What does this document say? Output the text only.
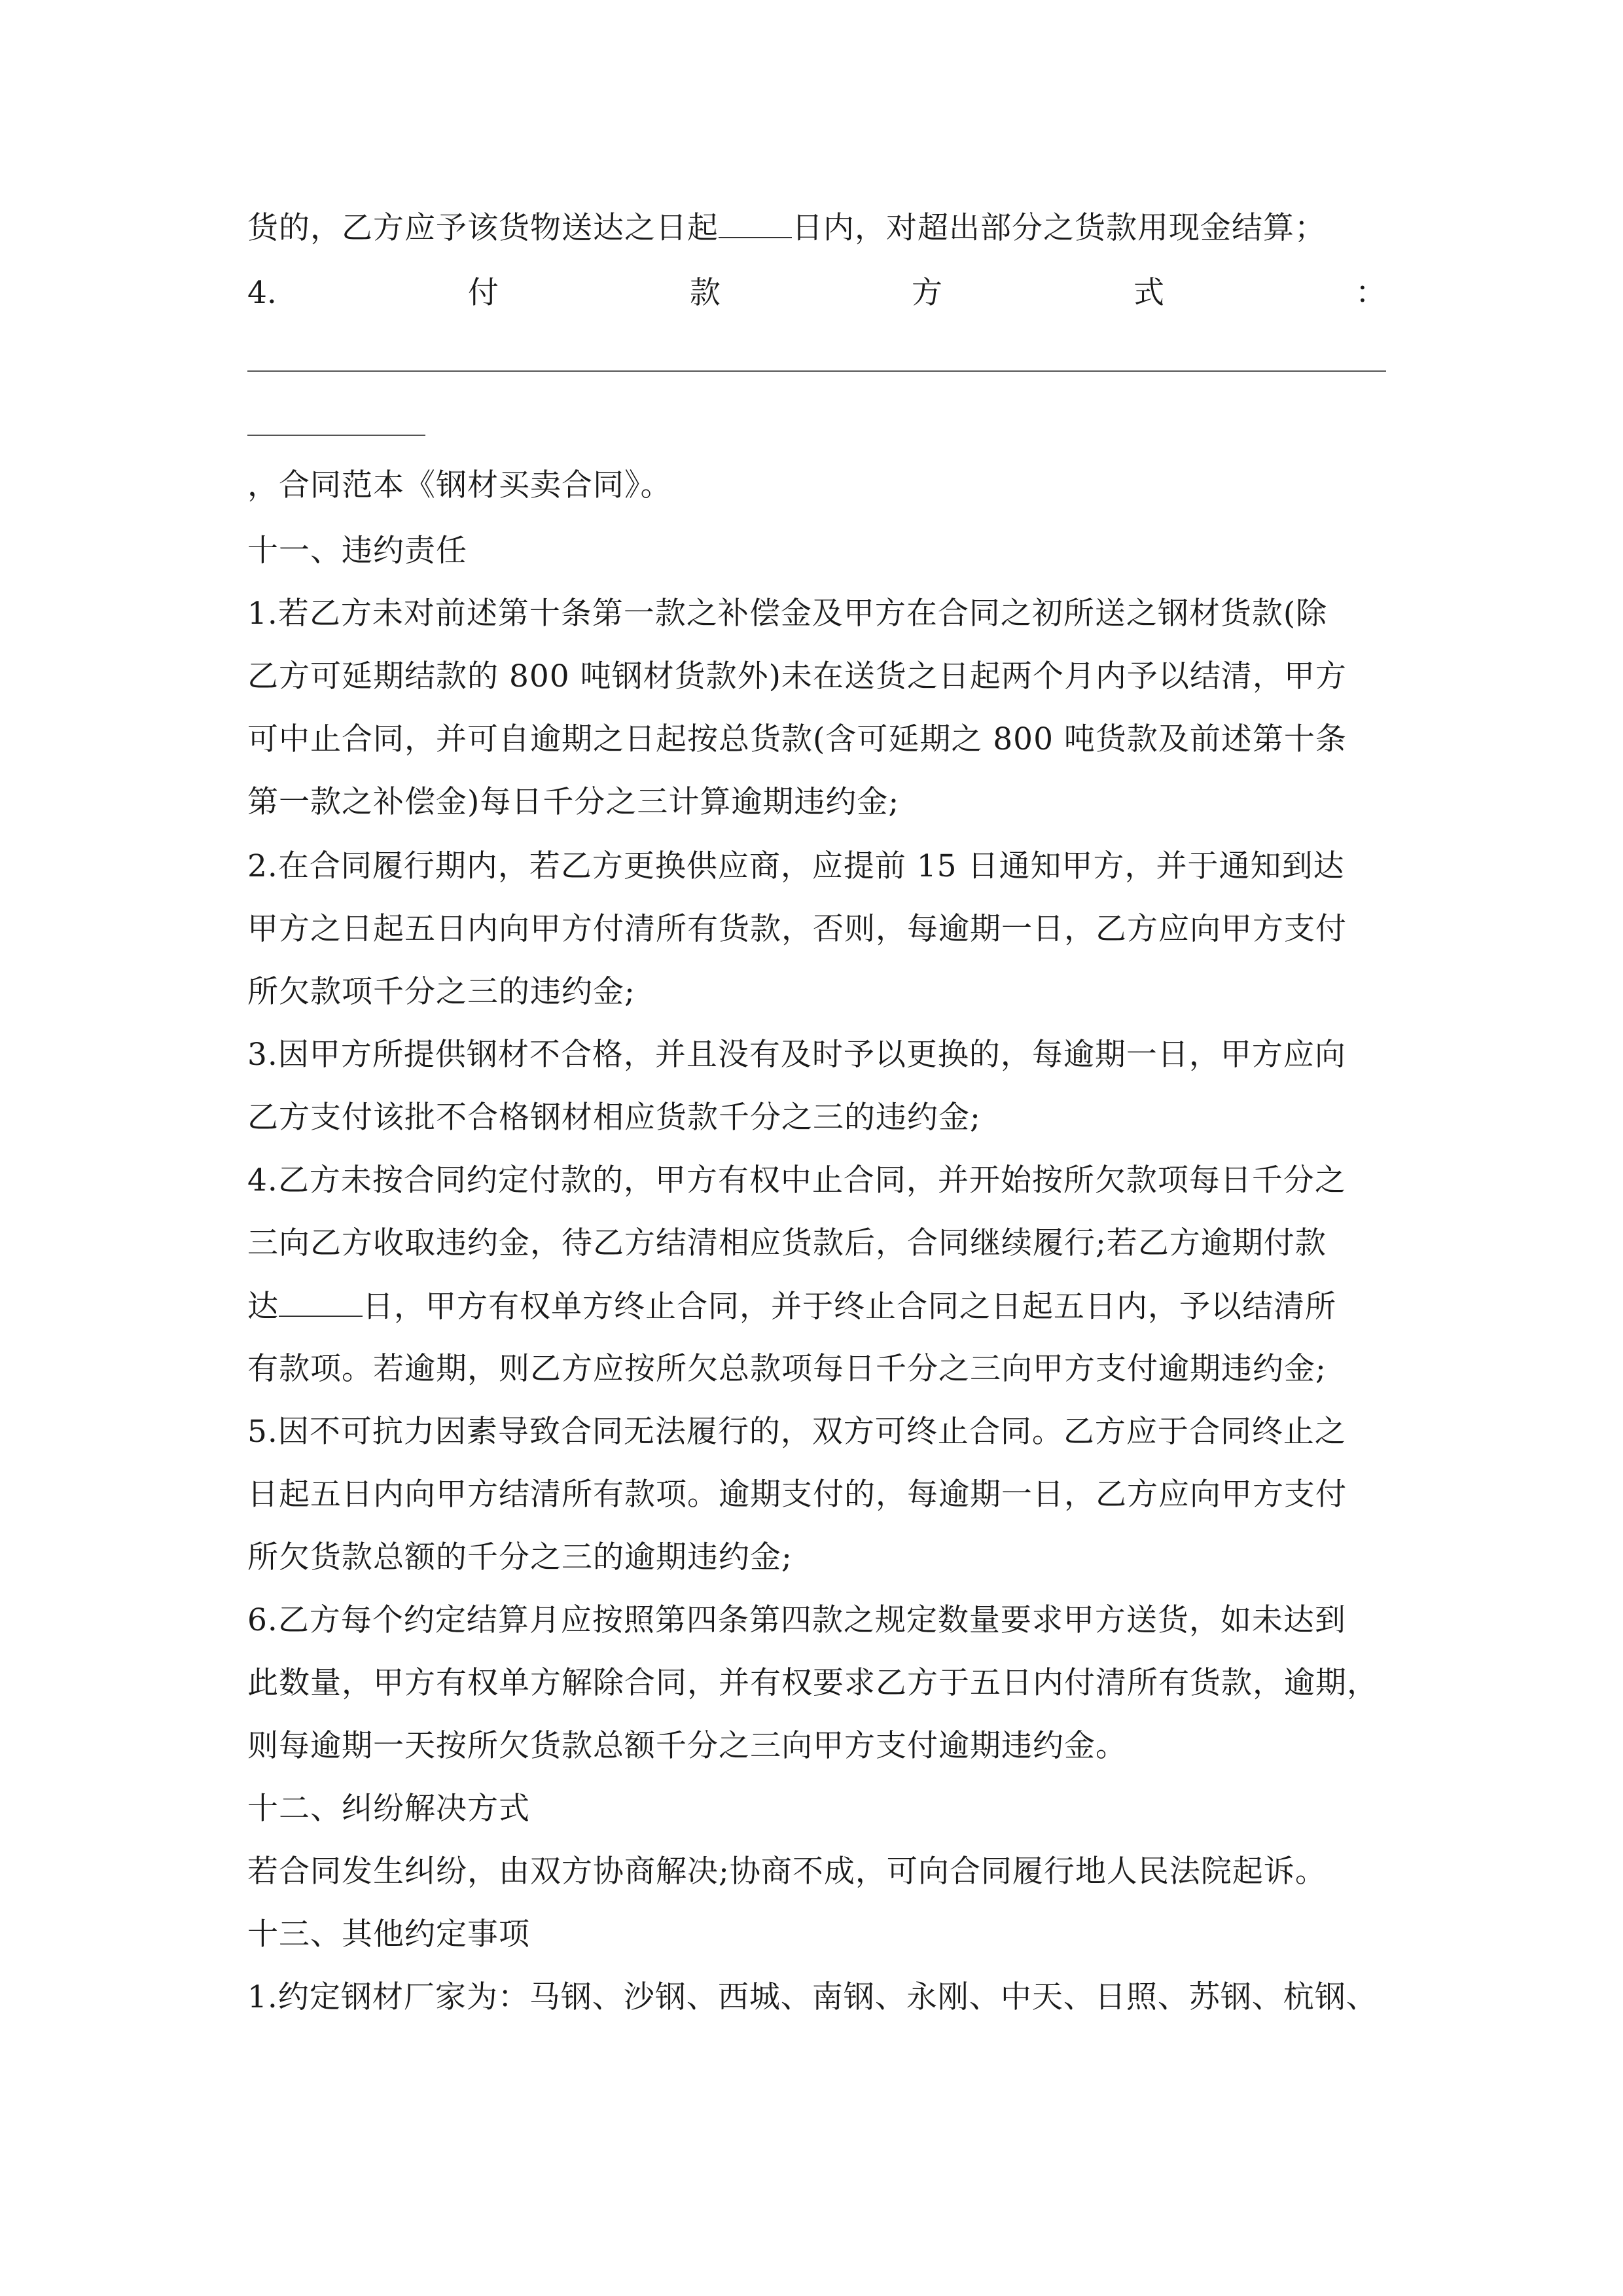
货的，乙方应予该货物送达之日起 日内，对超出部分之货款用现金结算；
4.	付	款	方	式	：
，合同范本《钢材买卖合同》。
十一、违约责任
1.若乙方未对前述第十条第一款之补偿金及甲方在合同之初所送之钢材货款(除
乙方可延期结款的 800 吨钢材货款外)未在送货之日起两个月内予以结清，甲方
可中止合同，并可自逾期之日起按总货款(含可延期之 800 吨货款及前述第十条
第一款之补偿金)每日千分之三计算逾期违约金;
2.在合同履行期内，若乙方更换供应商，应提前 15 日通知甲方，并于通知到达
甲方之日起五日内向甲方付清所有货款，否则，每逾期一日，乙方应向甲方支付
所欠款项千分之三的违约金;
3.因甲方所提供钢材不合格，并且没有及时予以更换的，每逾期一日，甲方应向
乙方支付该批不合格钢材相应货款千分之三的违约金;
4.乙方未按合同约定付款的，甲方有权中止合同，并开始按所欠款项每日千分之
三向乙方收取违约金，待乙方结清相应货款后，合同继续履行;若乙方逾期付款
达	日，甲方有权单方终止合同，并于终止合同之日起五日内，予以结清所
有款项。若逾期，则乙方应按所欠总款项每日千分之三向甲方支付逾期违约金;
5.因不可抗力因素导致合同无法履行的，双方可终止合同。乙方应于合同终止之
日起五日内向甲方结清所有款项。逾期支付的，每逾期一日，乙方应向甲方支付
所欠货款总额的千分之三的逾期违约金;
6.乙方每个约定结算月应按照第四条第四款之规定数量要求甲方送货，如未达到
此数量，甲方有权单方解除合同，并有权要求乙方于五日内付清所有货款，逾期，
则每逾期一天按所欠货款总额千分之三向甲方支付逾期违约金。
十二、纠纷解决方式
若合同发生纠纷，由双方协商解决;协商不成，可向合同履行地人民法院起诉。
十三、其他约定事项
1.约定钢材厂家为：马钢、沙钢、西城、南钢、永刚、中天、日照、苏钢、杭钢、
